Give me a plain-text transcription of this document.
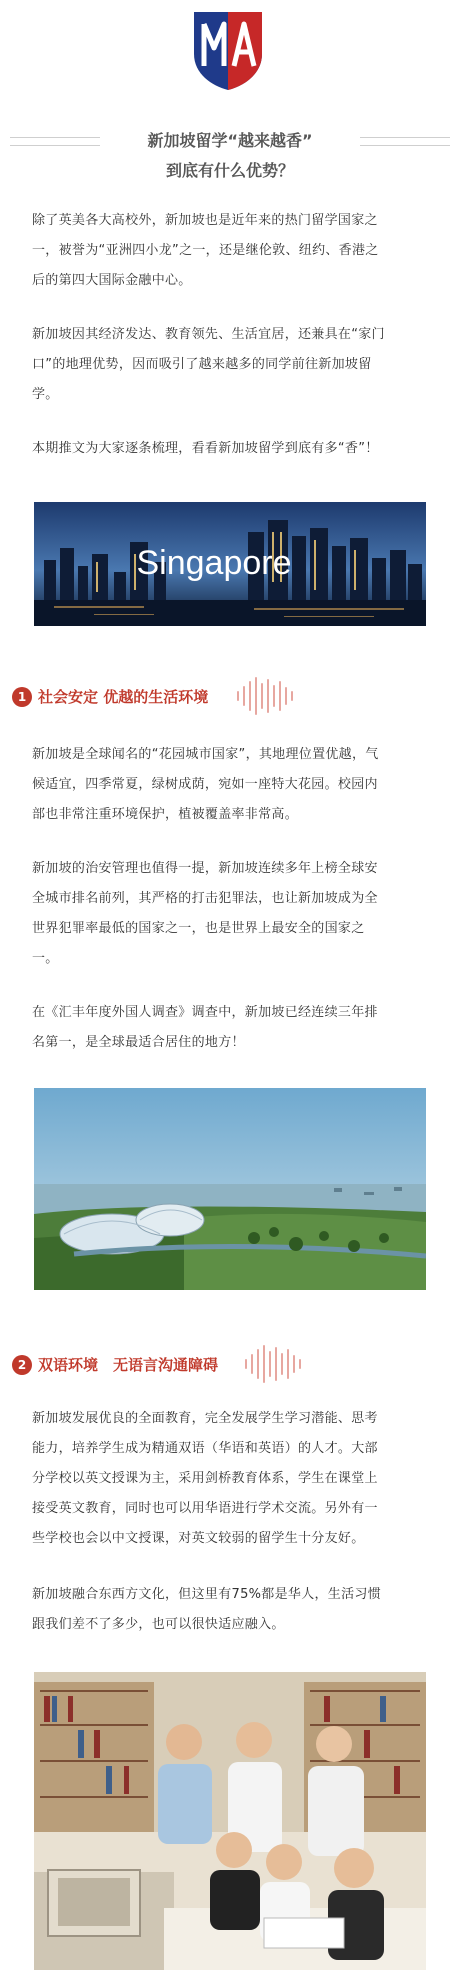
新加坡留学“越来越香”
到底有什么优势？
除了英美各大高校外，新加坡也是近年来的热门留学国家之
一，被誉为“亚洲四小龙”之一，还是继伦敦、纽约、香港之
后的第四大国际金融中心。
新加坡因其经济发达、教育领先、生活宜居，还兼具在“家门
口”的地理优势，因而吸引了越来越多的同学前往新加坡留
学。
本期推文为大家逐条梳理，看看新加坡留学到底有多“香”！
Singapore
1 社会安定 优越的生活环境
新加坡是全球闻名的“花园城市国家”，其地理位置优越，气
候适宜，四季常夏，绿树成荫，宛如一座特大花园。校园内
部也非常注重环境保护，植被覆盖率非常高。
新加坡的治安管理也值得一提，新加坡连续多年上榜全球安
全城市排名前列，其严格的打击犯罪法，也让新加坡成为全
世界犯罪率最低的国家之一，也是世界上最安全的国家之
一。
在《汇丰年度外国人调查》调查中，新加坡已经连续三年排
名第一，是全球最适合居住的地方！
2 双语环境　无语言沟通障碍
新加坡发展优良的全面教育，完全发展学生学习潜能、思考
能力，培养学生成为精通双语（华语和英语）的人才。大部
分学校以英文授课为主，采用剑桥教育体系，学生在课堂上
接受英文教育，同时也可以用华语进行学术交流。另外有一
些学校也会以中文授课，对英文较弱的留学生十分友好。
新加坡融合东西方文化，但这里有75%都是华人，生活习惯
跟我们差不了多少，也可以很快适应融入。
